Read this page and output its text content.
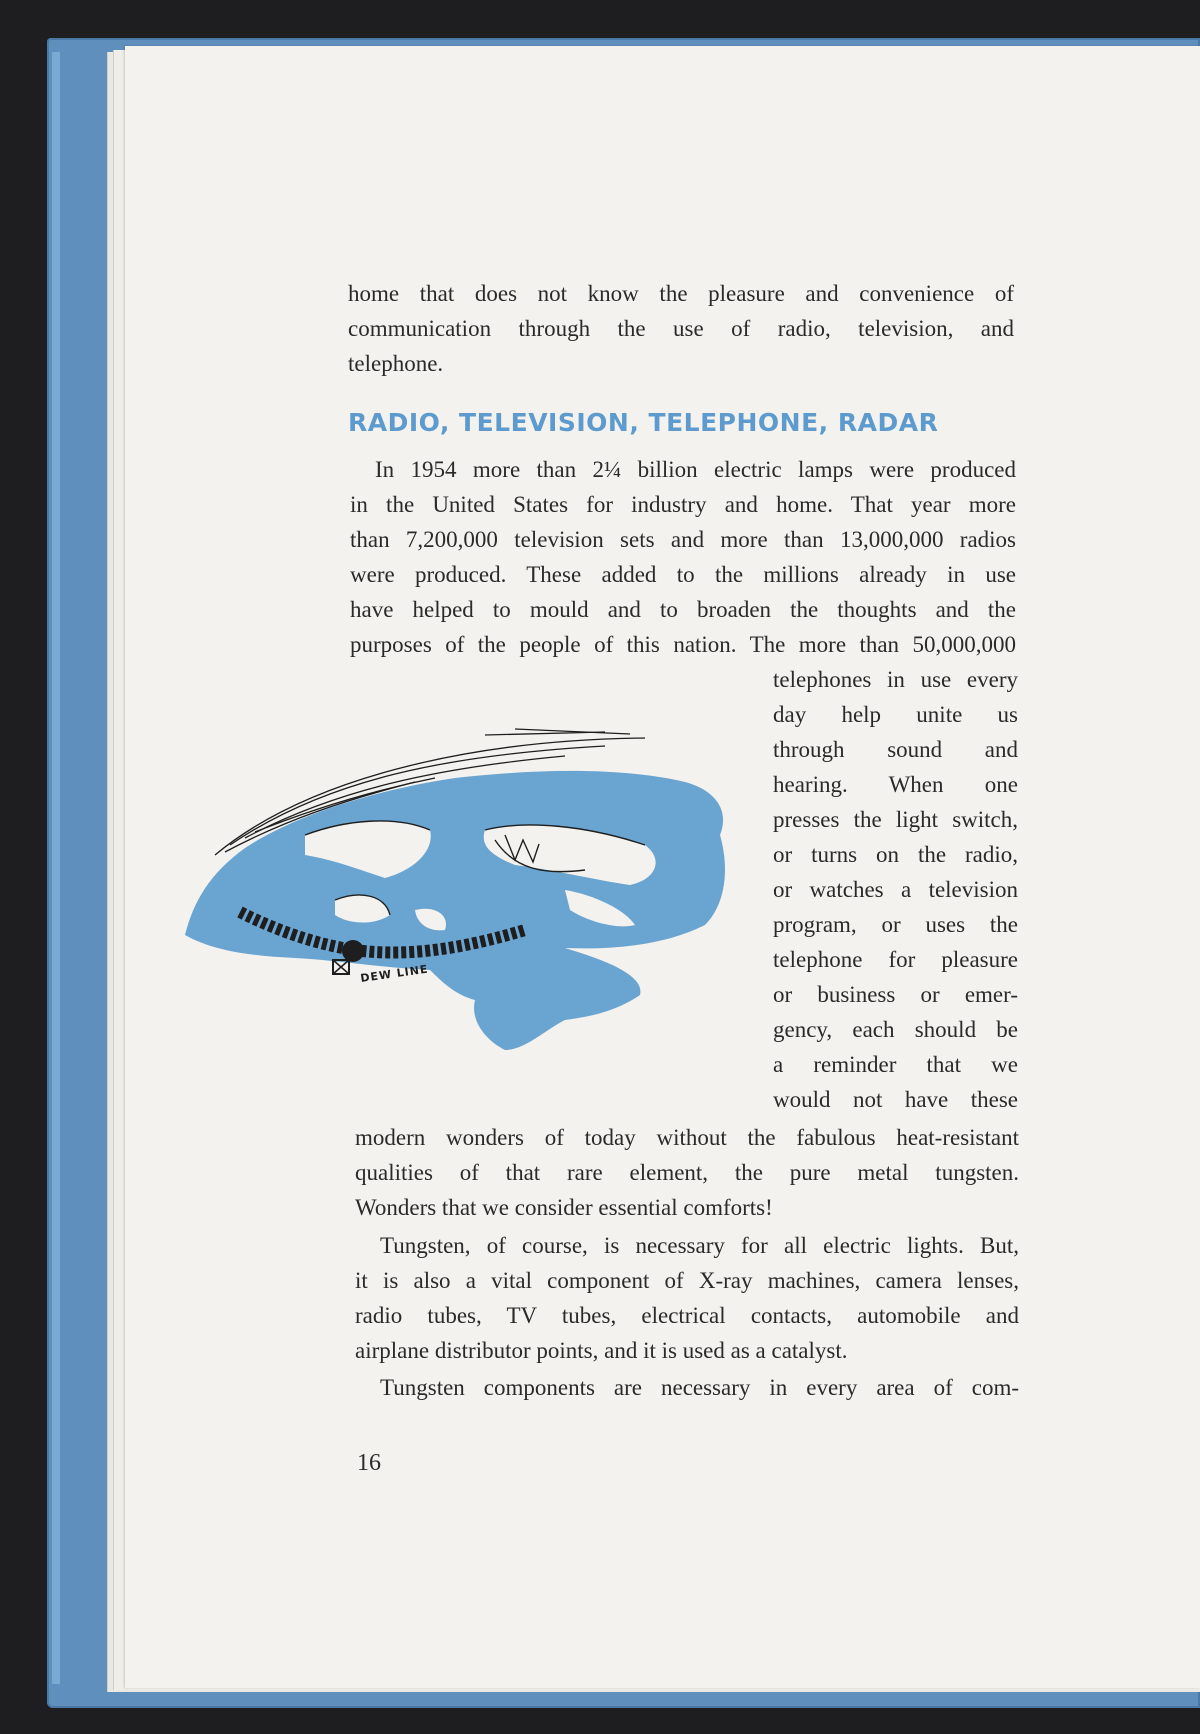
home that does not know the pleasure and convenience of
communication through the use of radio, television, and
telephone.
RADIO, TELEVISION, TELEPHONE, RADAR
In 1954 more than 2¼ billion electric lamps were produced
in the United States for industry and home. That year more
than 7,200,000 television sets and more than 13,000,000 radios
were produced. These added to the millions already in use
have helped to mould and to broaden the thoughts and the
purposes of the people of this nation. The more than 50,000,000
telephones in use every
day help unite us
through sound and
hearing. When one
presses the light switch,
or turns on the radio,
or watches a television
program, or uses the
telephone for pleasure
or business or emer-
gency, each should be
a reminder that we
would not have these
modern wonders of today without the fabulous heat-resistant
qualities of that rare element, the pure metal tungsten.
Wonders that we consider essential comforts!
Tungsten, of course, is necessary for all electric lights. But,
it is also a vital component of X-ray machines, camera lenses,
radio tubes, TV tubes, electrical contacts, automobile and
airplane distributor points, and it is used as a catalyst.
Tungsten components are necessary in every area of com-
DEW LINE
16
